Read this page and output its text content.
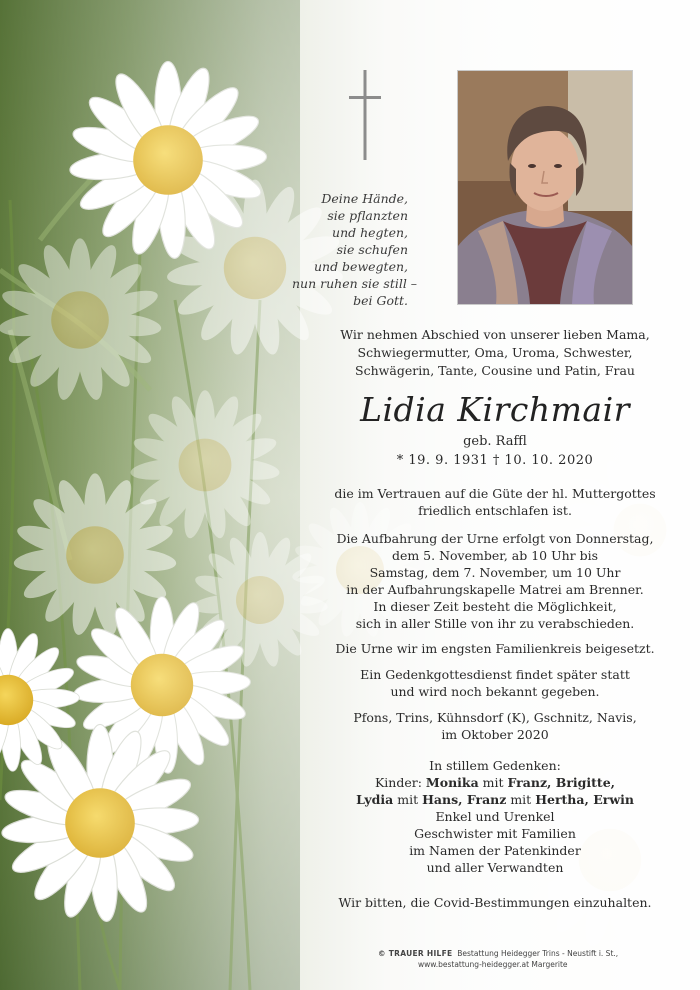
Deine Hände,
sie pflanzten
und hegten,
sie schufen
und bewegten,
nun ruhen sie still –
bei Gott.
Wir nehmen Abschied von unserer lieben Mama,
Schwiegermutter, Oma, Uroma, Schwester,
Schwägerin, Tante, Cousine und Patin, Frau
Lidia Kirchmair
geb. Raffl
* 19. 9. 1931 † 10. 10. 2020
die im Vertrauen auf die Güte der hl. Muttergottes
friedlich entschlafen ist.
Die Aufbahrung der Urne erfolgt von Donnerstag,
dem 5. November, ab 10 Uhr bis
Samstag, dem 7. November, um 10 Uhr
in der Aufbahrungskapelle Matrei am Brenner.
In dieser Zeit besteht die Möglichkeit,
sich in aller Stille von ihr zu verabschieden.
Die Urne wir im engsten Familienkreis beigesetzt.
Ein Gedenkgottesdienst findet später statt
und wird noch bekannt gegeben.
Pfons, Trins, Kühnsdorf (K), Gschnitz, Navis,
im Oktober 2020
In stillem Gedenken:
Kinder: Monika mit Franz, Brigitte,
Lydia mit Hans, Franz mit Hertha, Erwin
Enkel und Urenkel
Geschwister mit Familien
im Namen der Patenkinder
und aller Verwandten
Wir bitten, die Covid-Bestimmungen einzuhalten.
© TRAUER HILFE Bestattung Heidegger Trins - Neustift i. St.,
www.bestattung-heidegger.at Margerite
